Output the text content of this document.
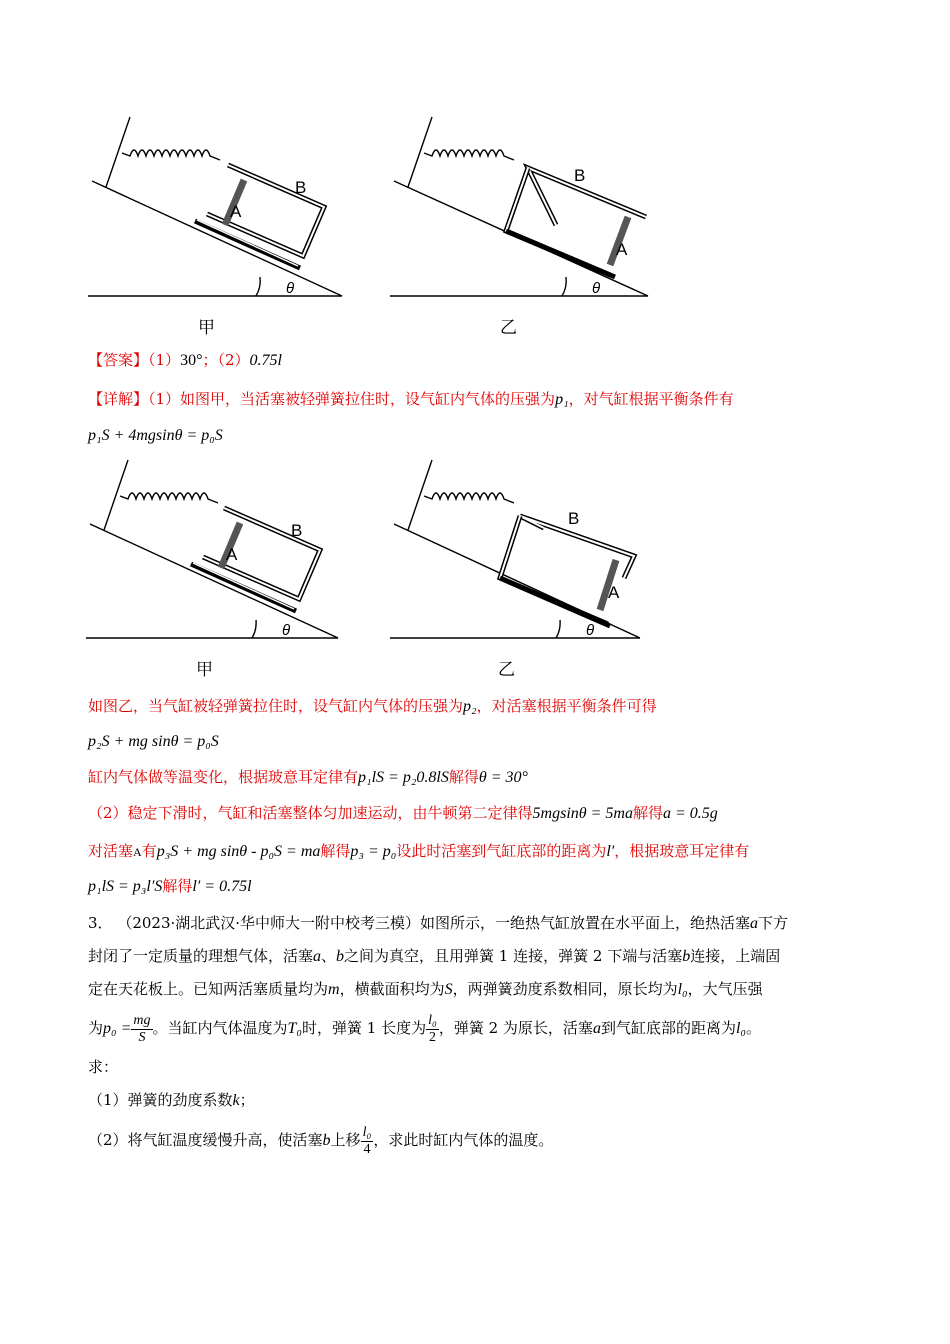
A
B
θ
B
A
θ
甲	乙
【答案】（1）30°；（2）0.75l
【详解】（1）如图甲，当活塞被轻弹簧拉住时，设气缸内气体的压强为p₁，对气缸根据平衡条件有
p₁S + 4mgsinθ = p₀S
A
B
θ
B
A
θ
甲	乙
如图乙，当气缸被轻弹簧拉住时，设气缸内气体的压强为p₂，对活塞根据平衡条件可得
p₂S + mg sinθ = p₀S
缸内气体做等温变化，根据玻意耳定律有p₁lS = p₂0.8lS解得θ = 30°
（2）稳定下滑时，气缸和活塞整体匀加速运动，由牛顿第二定律得5mgsinθ = 5ma解得a = 0.5g
对活塞A有p₃S + mg sinθ - p₀S = ma解得p₃ = p₀设此时活塞到气缸底部的距离为l′，根据玻意耳定律有
p₁lS = p₃l′S解得l′ = 0.75l
3． （2023·湖北武汉·华中师大一附中校考三模）如图所示，一绝热气缸放置在水平面上，绝热活塞a下方
封闭了一定质量的理想气体，活塞a、b之间为真空，且用弹簧 1 连接，弹簧 2 下端与活塞b连接，上端固
定在天花板上。已知两活塞质量均为m，横截面积均为S，两弹簧劲度系数相同，原长均为l₀，大气压强
为$p_0 = \frac{mg}{S}$ 。当缸内气体温度为T₀时，弹簧 1 长度为 $\frac{\text{l₀}}{2}$ ，弹簧 2 为原长，活塞a到气缸底部的距离为l₀。
求：
（1）弹簧的劲度系数k；
（2）将气缸温度缓慢升高，使活塞b上移 $\frac{\text{l₀}}{4}$ ，求此时缸内气体的温度。
